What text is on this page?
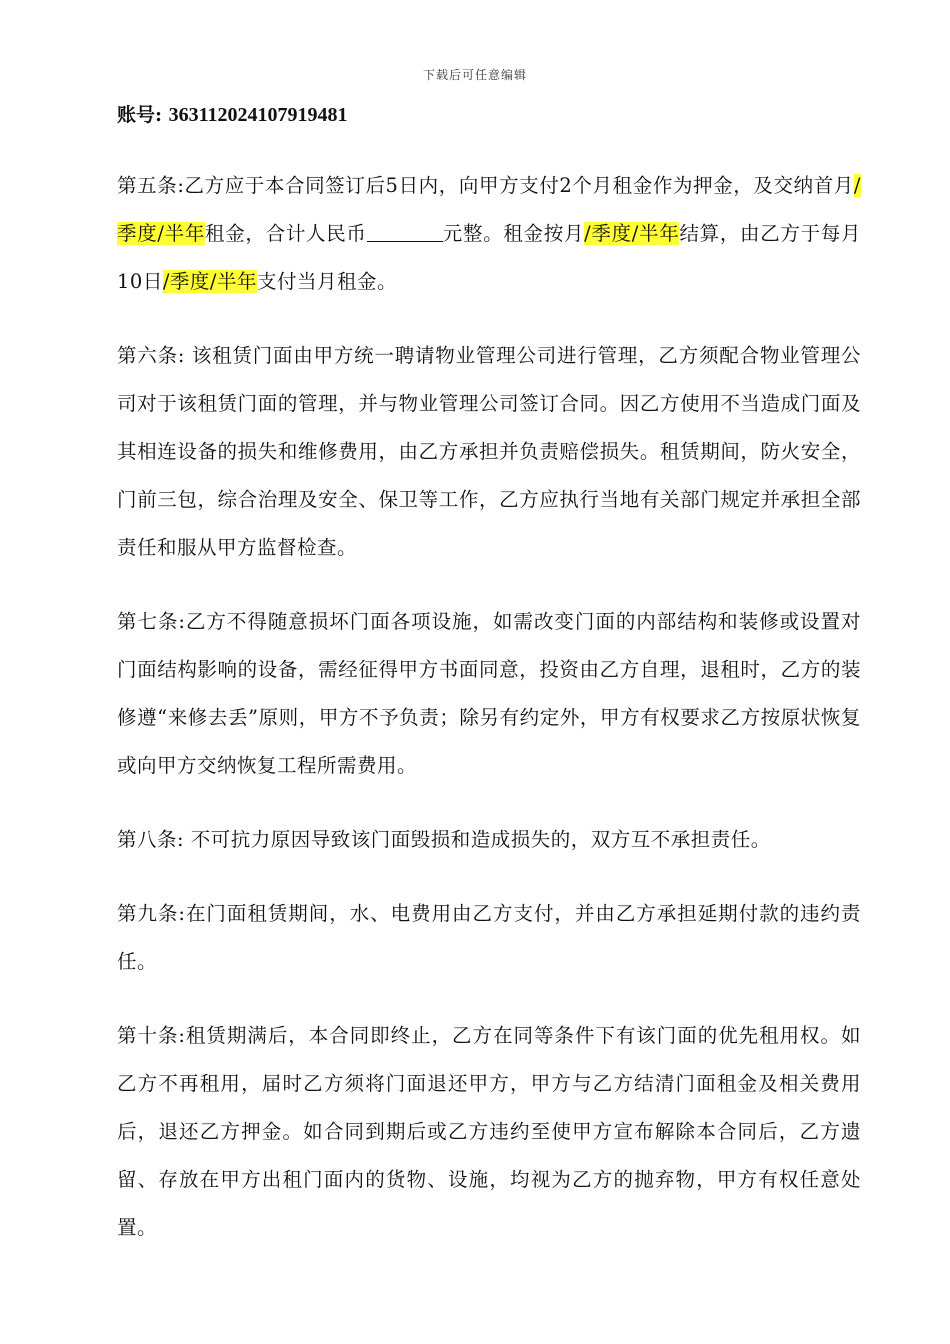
下载后可任意编辑
账号: 363112024107919481

第五条:乙方应于本合同签订后5日内，向甲方支付2个月租金作为押金，及交纳首月/季度/半年租金，合计人民币	元整。租金按月/季度/半年结算，由乙方于每月10日/季度/半年支付当月租金。

第六条: 该租赁门面由甲方统一聘请物业管理公司进行管理，乙方须配合物业管理公司对于该租赁门面的管理，并与物业管理公司签订合同。因乙方使用不当造成门面及其相连设备的损失和维修费用，由乙方承担并负责赔偿损失。租赁期间，防火安全，门前三包，综合治理及安全、保卫等工作，乙方应执行当地有关部门规定并承担全部责任和服从甲方监督检查。

第七条:乙方不得随意损坏门面各项设施，如需改变门面的内部结构和装修或设置对门面结构影响的设备，需经征得甲方书面同意，投资由乙方自理，退租时，乙方的装修遵“来修去丢”原则，甲方不予负责；除另有约定外，甲方有权要求乙方按原状恢复或向甲方交纳恢复工程所需费用。

第八条: 不可抗力原因导致该门面毁损和造成损失的，双方互不承担责任。

第九条:在门面租赁期间，水、电费用由乙方支付，并由乙方承担延期付款的违约责任。

第十条:租赁期满后，本合同即终止，乙方在同等条件下有该门面的优先租用权。如乙方不再租用，届时乙方须将门面退还甲方，甲方与乙方结清门面租金及相关费用后，退还乙方押金。如合同到期后或乙方违约至使甲方宣布解除本合同后，乙方遗留、存放在甲方出租门面内的货物、设施，均视为乙方的抛弃物，甲方有权任意处置。
